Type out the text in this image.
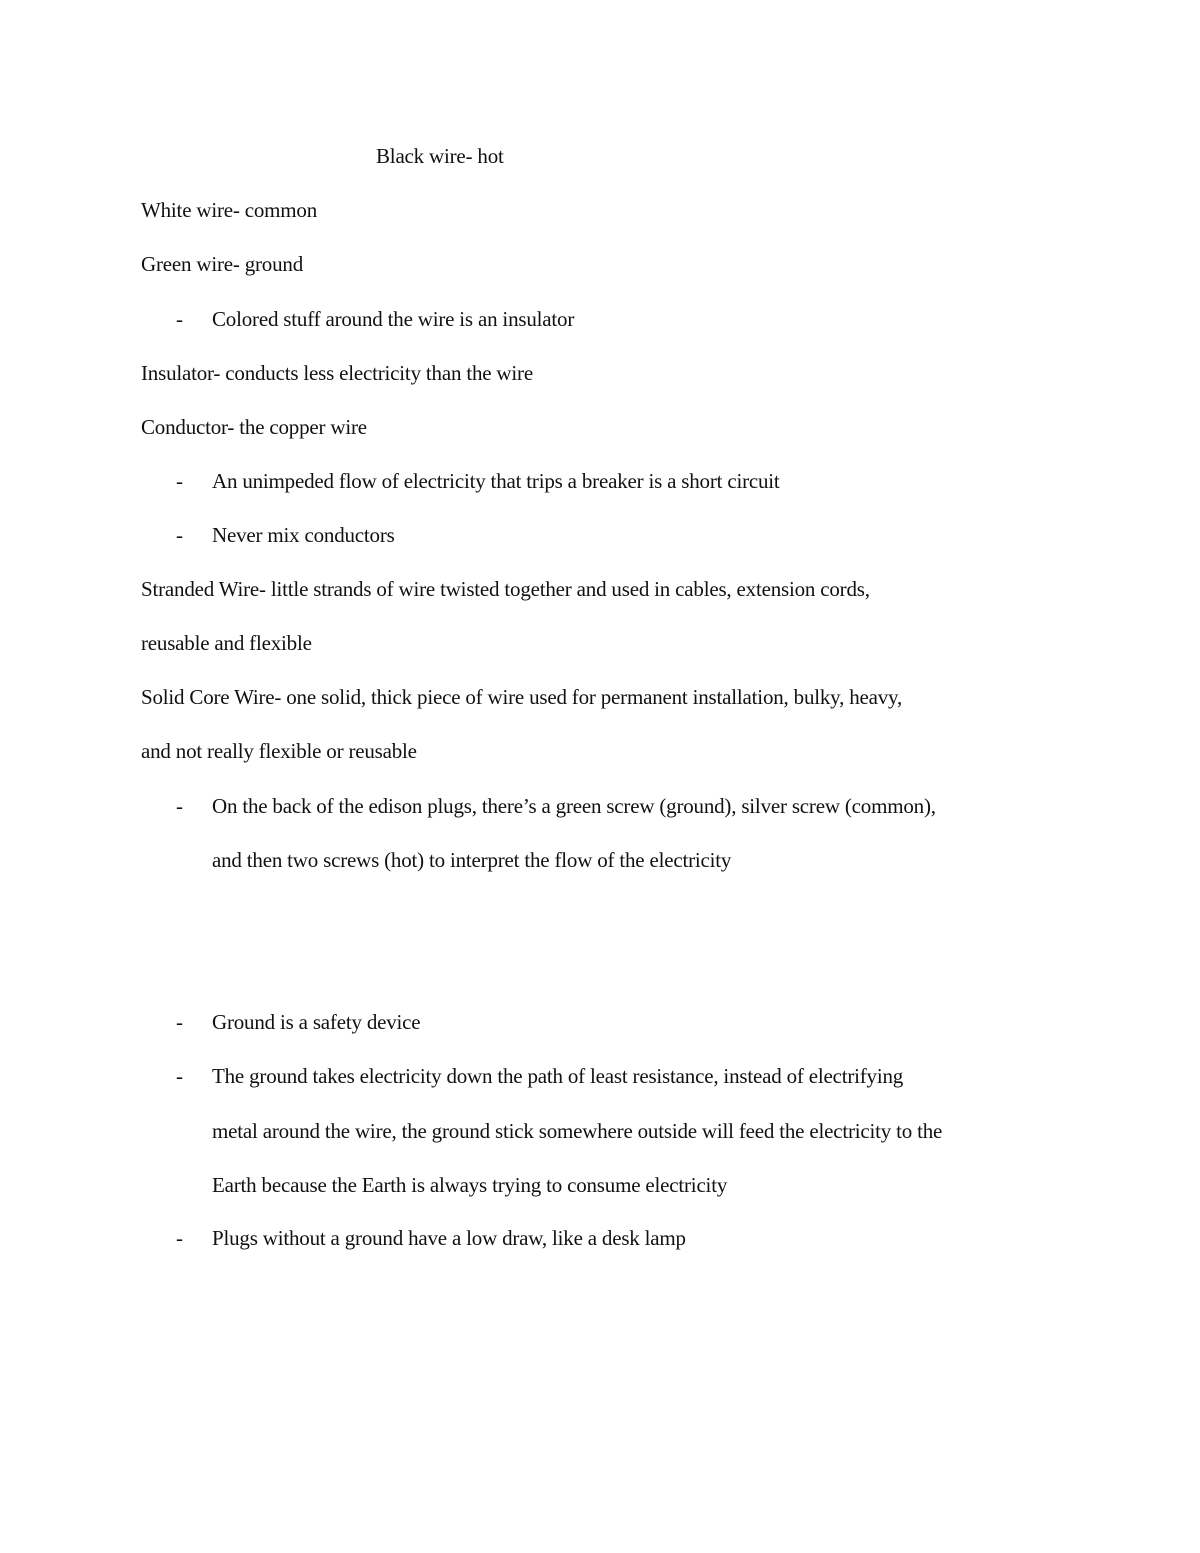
Black wire- hot
White wire- common
Green wire- ground
- Colored stuff around the wire is an insulator
Insulator- conducts less electricity than the wire
Conductor- the copper wire
- An unimpeded flow of electricity that trips a breaker is a short circuit
- Never mix conductors
Stranded Wire- little strands of wire twisted together and used in cables, extension cords,
reusable and flexible
Solid Core Wire- one solid, thick piece of wire used for permanent installation, bulky, heavy,
and not really flexible or reusable
- On the back of the edison plugs, there’s a green screw (ground), silver screw (common),
and then two screws (hot) to interpret the flow of the electricity
- Ground is a safety device
- The ground takes electricity down the path of least resistance, instead of electrifying
metal around the wire, the ground stick somewhere outside will feed the electricity to the
Earth because the Earth is always trying to consume electricity
- Plugs without a ground have a low draw, like a desk lamp
